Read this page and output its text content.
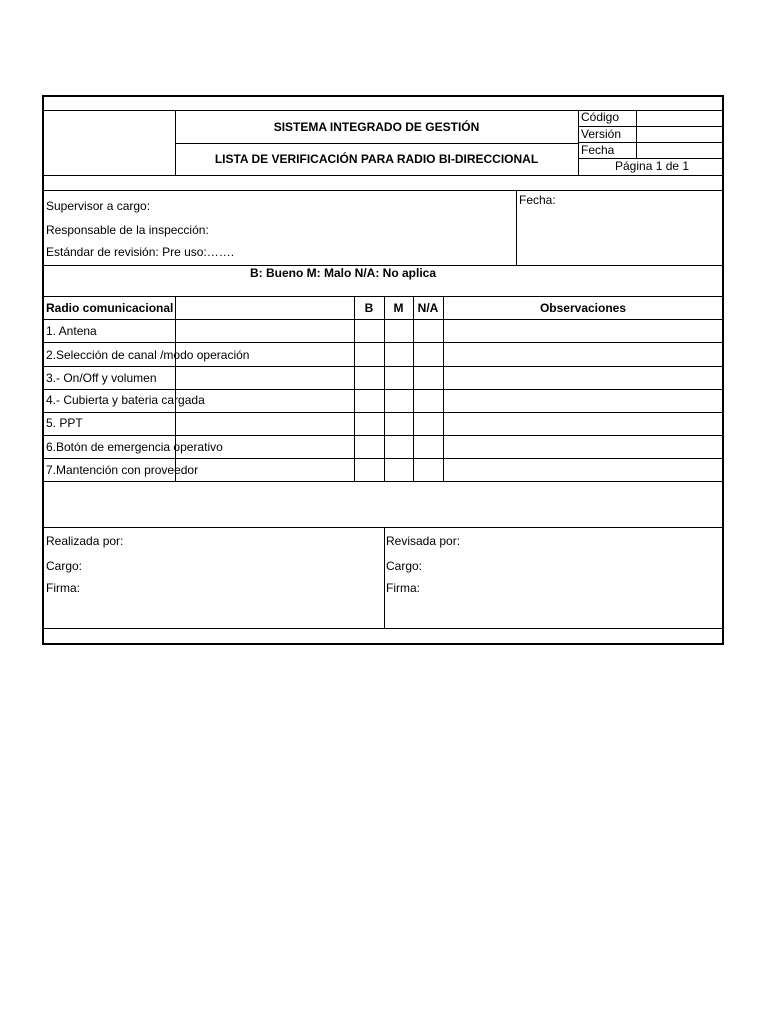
SISTEMA INTEGRADO DE GESTIÓN
LISTA DE VERIFICACIÓN PARA RADIO BI-DIRECCIONAL
Código
Versión
Fecha
Página 1 de 1
Supervisor a cargo:
Responsable de la inspección:
Estándar de revisión: Pre uso:…….
Fecha:
B: Bueno M: Malo N/A: No aplica
Radio comunicacional	B	M	N/A	Observaciones
1. Antena
2.Selección de canal /modo operación
3.- On/Off y volumen
4.- Cubierta y bateria cargada
5. PPT
6.Botón de emergencia operativo
7.Mantención con proveedor
Realizada por:
Cargo:
Firma:
Revisada por:
Cargo:
Firma:
